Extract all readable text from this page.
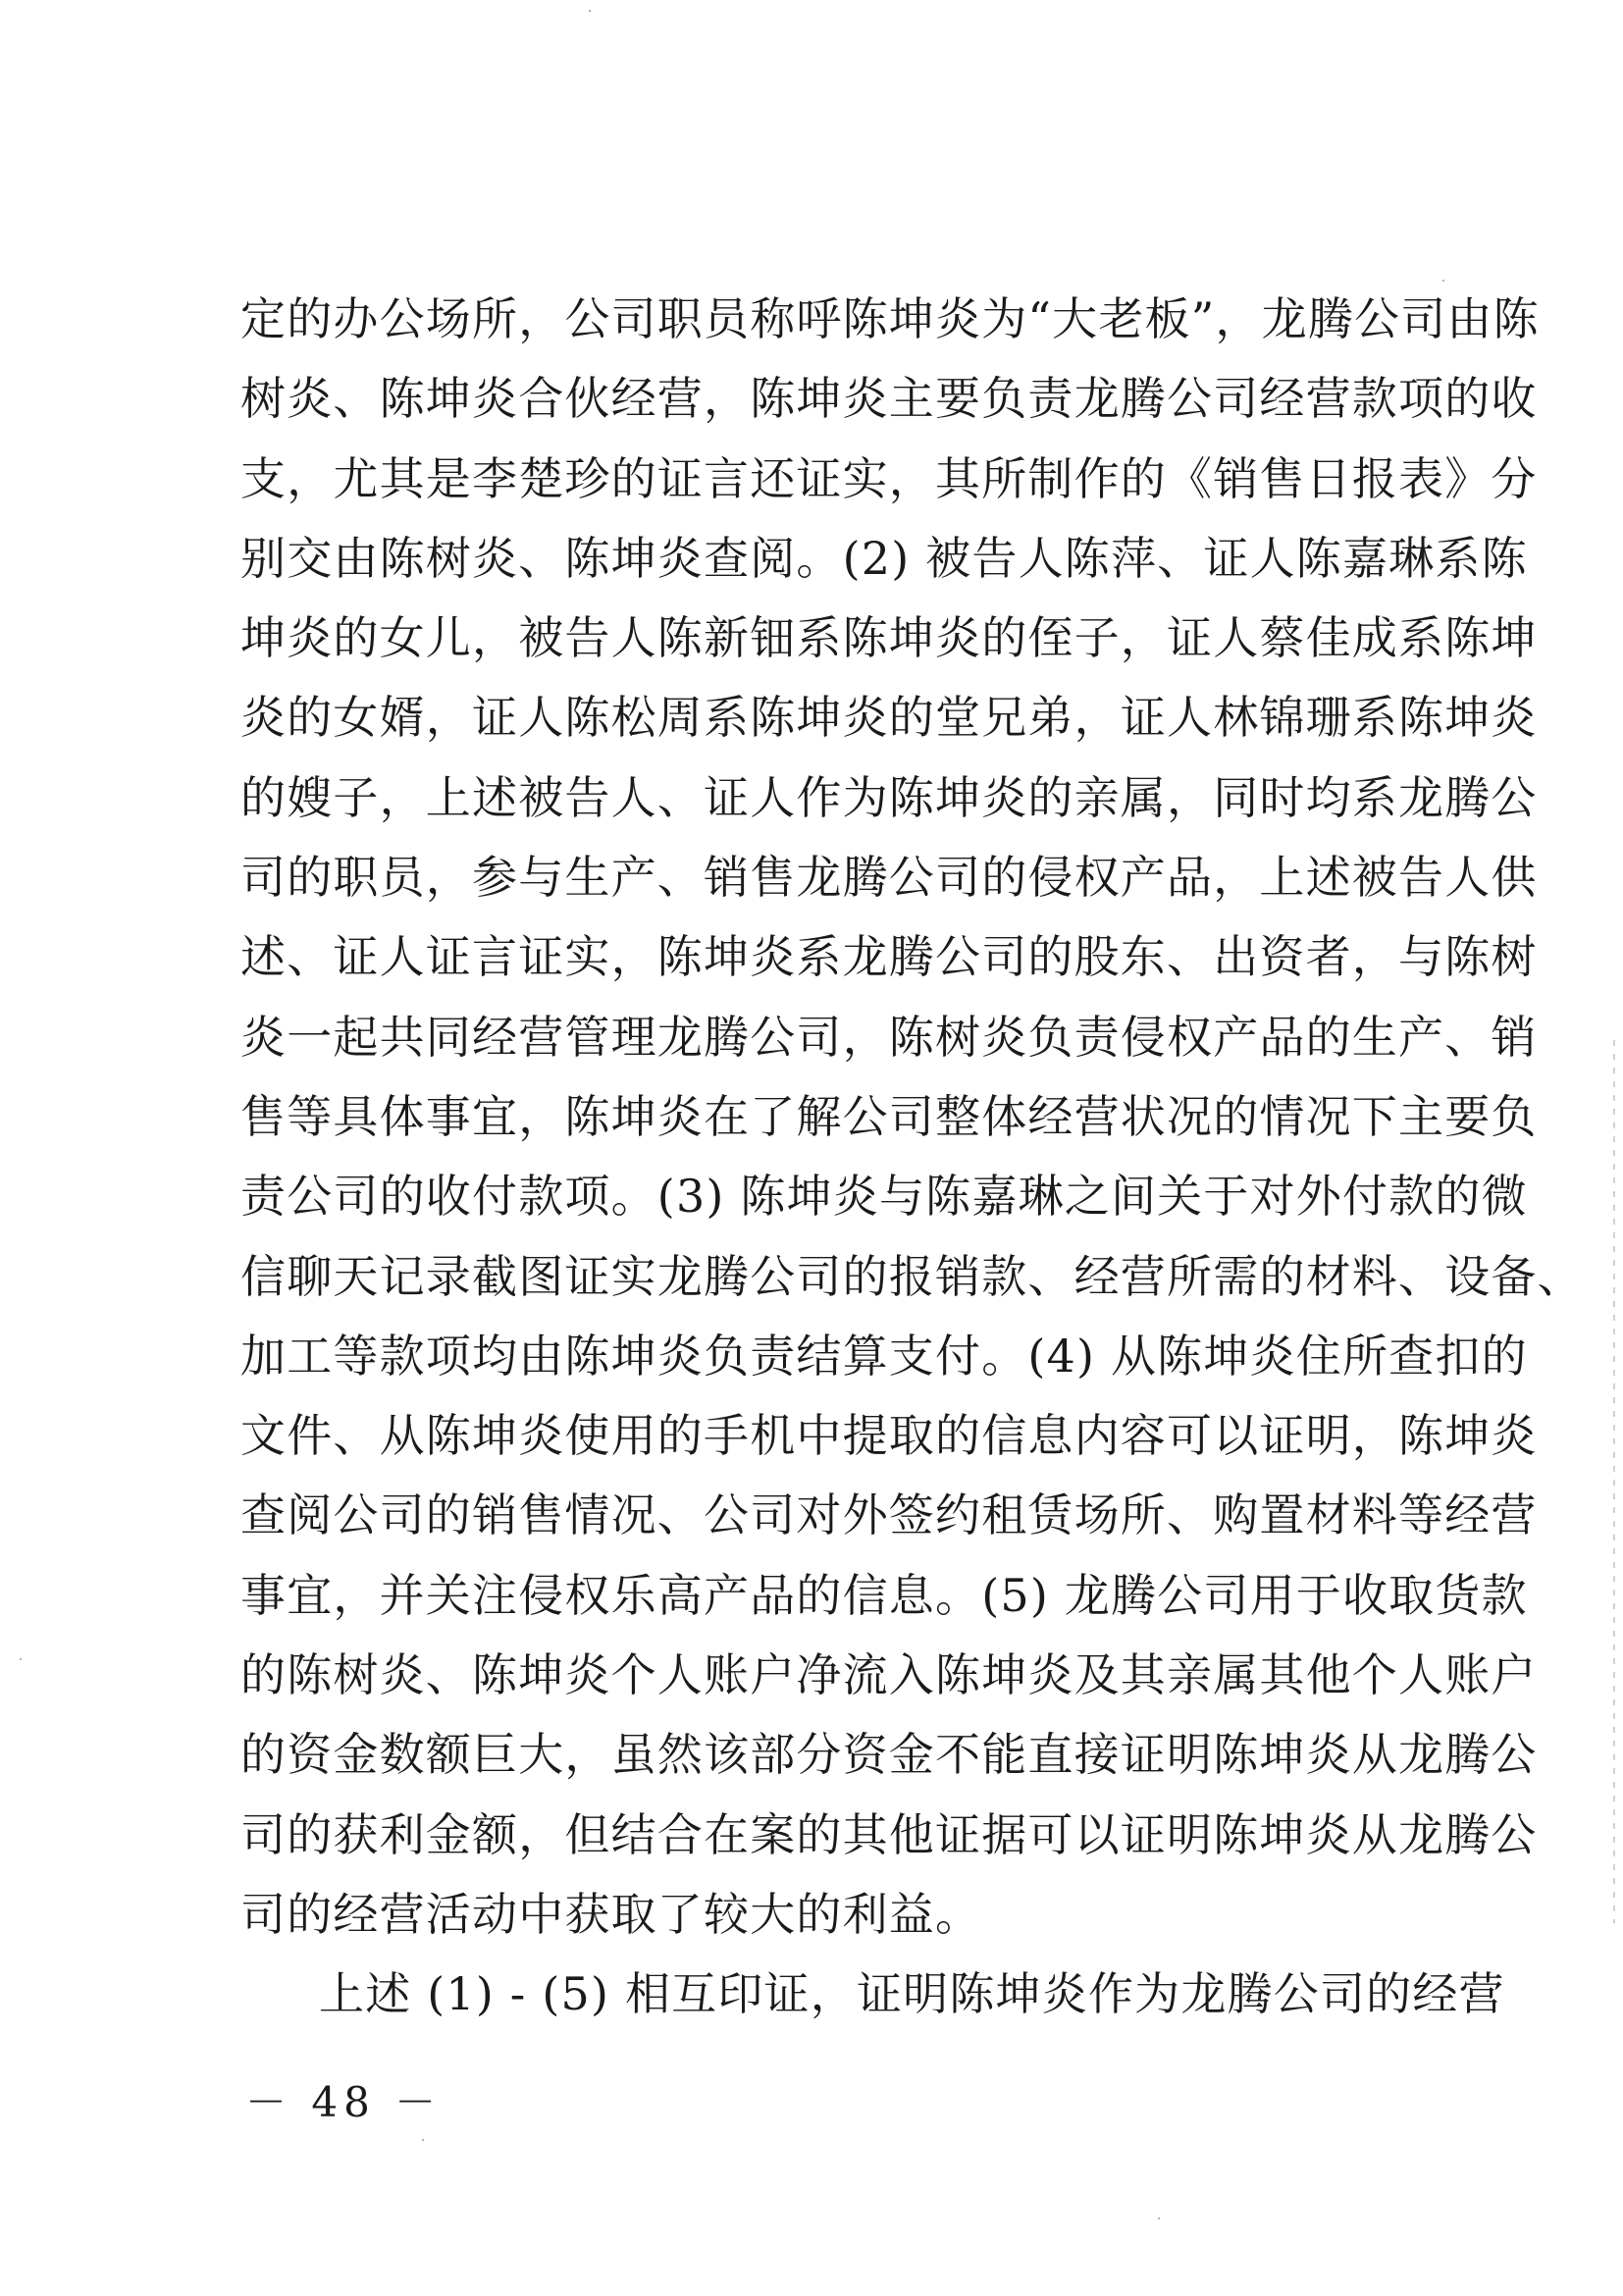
定的办公场所，公司职员称呼陈坤炎为“大老板”，龙腾公司由陈
树炎、陈坤炎合伙经营，陈坤炎主要负责龙腾公司经营款项的收
支，尤其是李楚珍的证言还证实，其所制作的《销售日报表》分
别交由陈树炎、陈坤炎查阅。(2) 被告人陈萍、证人陈嘉琳系陈
坤炎的女儿，被告人陈新钿系陈坤炎的侄子，证人蔡佳成系陈坤
炎的女婿，证人陈松周系陈坤炎的堂兄弟，证人林锦珊系陈坤炎
的嫂子，上述被告人、证人作为陈坤炎的亲属，同时均系龙腾公
司的职员，参与生产、销售龙腾公司的侵权产品，上述被告人供
述、证人证言证实，陈坤炎系龙腾公司的股东、出资者，与陈树
炎一起共同经营管理龙腾公司，陈树炎负责侵权产品的生产、销
售等具体事宜，陈坤炎在了解公司整体经营状况的情况下主要负
责公司的收付款项。(3) 陈坤炎与陈嘉琳之间关于对外付款的微
信聊天记录截图证实龙腾公司的报销款、经营所需的材料、设备、
加工等款项均由陈坤炎负责结算支付。(4) 从陈坤炎住所查扣的
文件、从陈坤炎使用的手机中提取的信息内容可以证明，陈坤炎
查阅公司的销售情况、公司对外签约租赁场所、购置材料等经营
事宜，并关注侵权乐高产品的信息。(5) 龙腾公司用于收取货款
的陈树炎、陈坤炎个人账户净流入陈坤炎及其亲属其他个人账户
的资金数额巨大，虽然该部分资金不能直接证明陈坤炎从龙腾公
司的获利金额，但结合在案的其他证据可以证明陈坤炎从龙腾公
司的经营活动中获取了较大的利益。
上述 (1) - (5) 相互印证，证明陈坤炎作为龙腾公司的经营
－ 48 －
